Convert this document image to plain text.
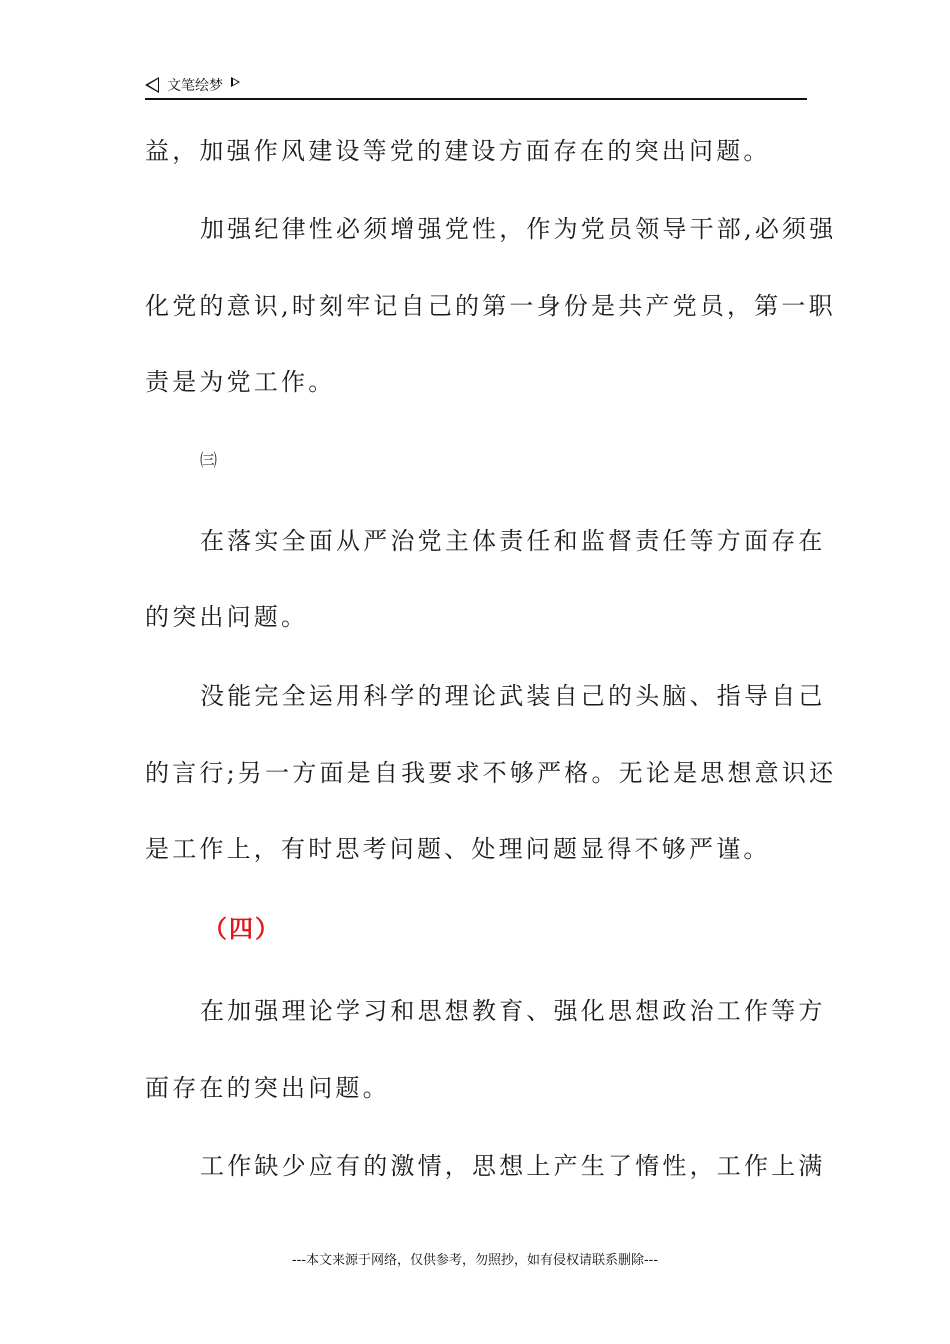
文笔绘梦
益，加强作风建设等党的建设方面存在的突出问题。
加强纪律性必须增强党性，作为党员领导干部,必须强
化党的意识,时刻牢记自己的第一身份是共产党员，第一职
责是为党工作。
㈢
在落实全面从严治党主体责任和监督责任等方面存在
的突出问题。
没能完全运用科学的理论武装自己的头脑、指导自己
的言行;另一方面是自我要求不够严格。无论是思想意识还
是工作上，有时思考问题、处理问题显得不够严谨。
（四）
在加强理论学习和思想教育、强化思想政治工作等方
面存在的突出问题。
工作缺少应有的激情，思想上产生了惰性，工作上满
---本文来源于网络，仅供参考，勿照抄，如有侵权请联系删除---
